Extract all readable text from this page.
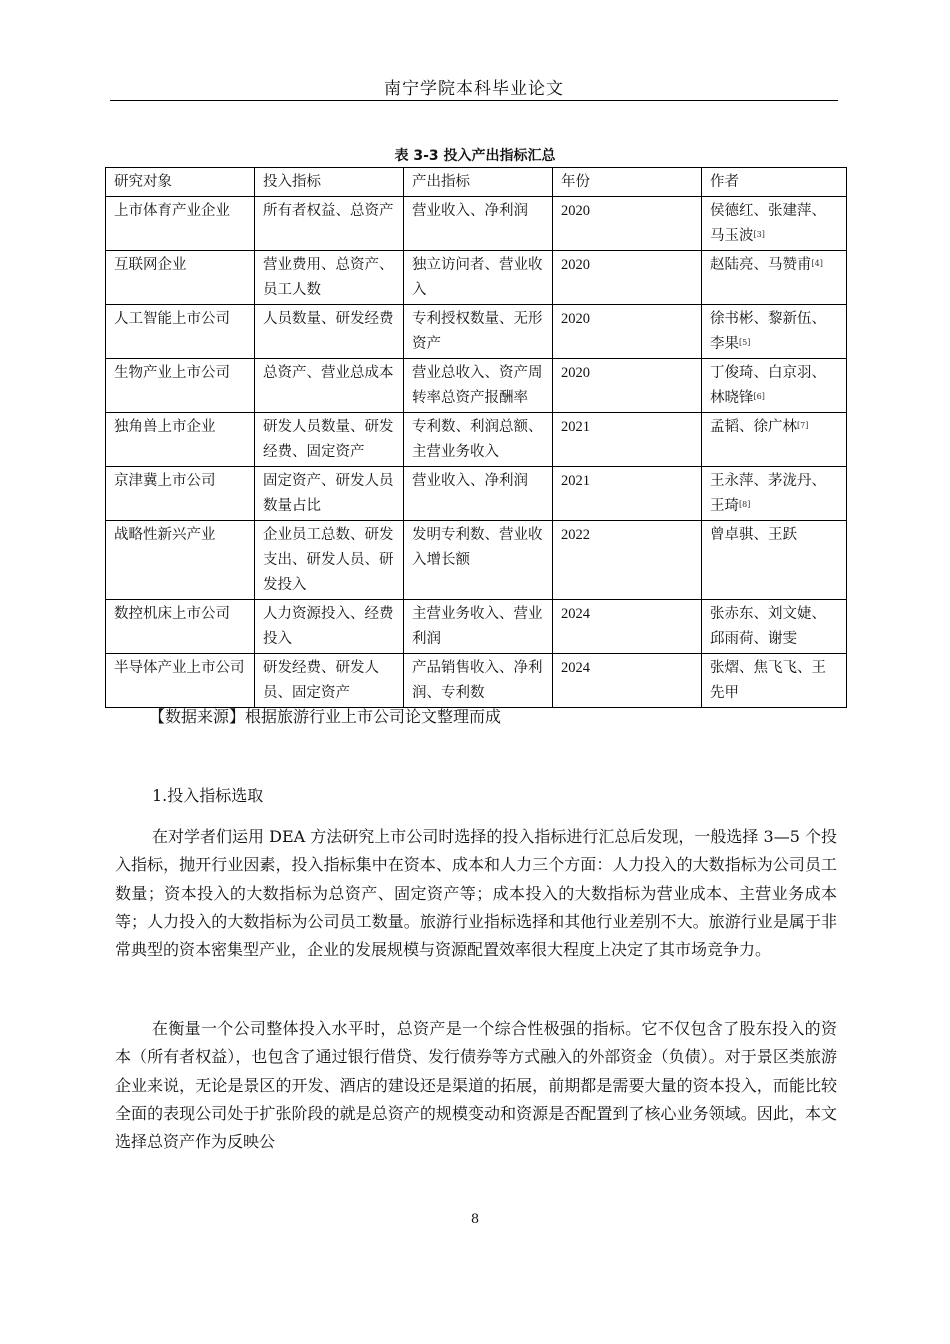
南宁学院本科毕业论文
表 3-3 投入产出指标汇总
研究对象	投入指标	产出指标	年份	作者
上市体育产业企业	所有者权益、总资产	营业收入、净利润	2020	侯德红、张建萍、马玉波[3]
互联网企业	营业费用、总资产、员工人数	独立访问者、营业收入	2020	赵陆亮、马赞甫[4]
人工智能上市公司	人员数量、研发经费	专利授权数量、无形资产	2020	徐书彬、黎新伍、李果[5]
生物产业上市公司	总资产、营业总成本	营业总收入、资产周转率总资产报酬率	2020	丁俊琦、白京羽、林晓锋[6]
独角兽上市企业	研发人员数量、研发经费、固定资产	专利数、利润总额、主营业务收入	2021	孟韬、徐广林[7]
京津冀上市公司	固定资产、研发人员数量占比	营业收入、净利润	2021	王永萍、茅泷丹、王琦[8]
战略性新兴产业	企业员工总数、研发支出、研发人员、研发投入	发明专利数、营业收入增长额	2022	曾卓骐、王跃
数控机床上市公司	人力资源投入、经费投入	主营业务收入、营业利润	2024	张赤东、刘文婕、邱雨荷、谢雯
半导体产业上市公司	研发经费、研发人员、固定资产	产品销售收入、净利润、专利数	2024	张熠、焦飞飞、王先甲
【数据来源】根据旅游行业上市公司论文整理而成
1.投入指标选取

在对学者们运用 DEA 方法研究上市公司时选择的投入指标进行汇总后发现，一般选择 3—5 个投入指标，抛开行业因素，投入指标集中在资本、成本和人力三个方面：人力投入的大数指标为公司员工数量；资本投入的大数指标为总资产、固定资产等；成本投入的大数指标为营业成本、主营业务成本等；人力投入的大数指标为公司员工数量。旅游行业指标选择和其他行业差别不大。旅游行业是属于非常典型的资本密集型产业，企业的发展规模与资源配置效率很大程度上决定了其市场竞争力。

在衡量一个公司整体投入水平时，总资产是一个综合性极强的指标。它不仅包含了股东投入的资本（所有者权益），也包含了通过银行借贷、发行债券等方式融入的外部资金（负债）。对于景区类旅游企业来说，无论是景区的开发、酒店的建设还是渠道的拓展，前期都是需要大量的资本投入，而能比较全面的表现公司处于扩张阶段的就是总资产的规模变动和资源是否配置到了核心业务领域。因此，本文选择总资产作为反映公

8
